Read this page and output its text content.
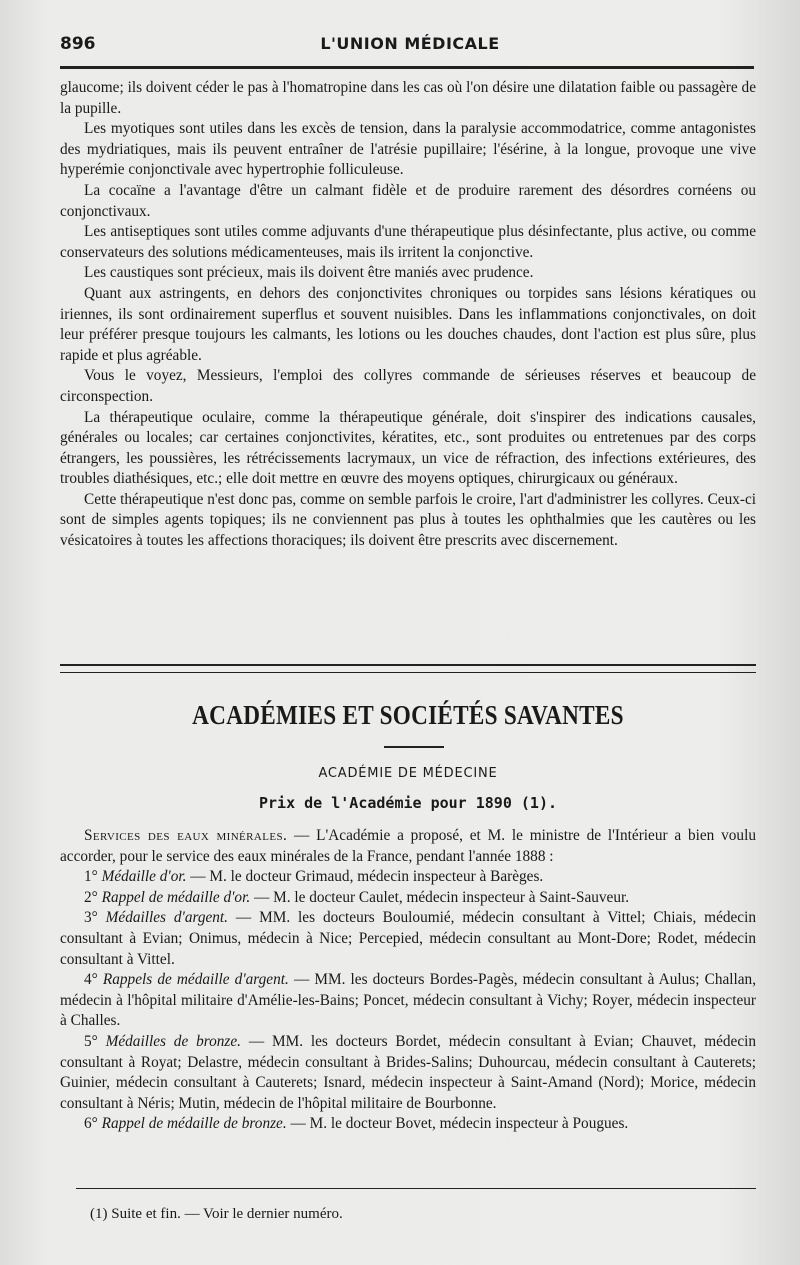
896	L'UNION MÉDICALE

glaucome; ils doivent céder le pas à l'homatropine dans les cas où l'on désire une dilatation faible ou passagère de la pupille.

Les myotiques sont utiles dans les excès de tension, dans la paralysie accommodatrice, comme antagonistes des mydriatiques, mais ils peuvent entraîner de l'atrésie pupillaire; l'ésérine, à la longue, provoque une vive hyperémie conjonctivale avec hypertrophie folliculeuse.

La cocaïne a l'avantage d'être un calmant fidèle et de produire rarement des désordres cornéens ou conjonctivaux.

Les antiseptiques sont utiles comme adjuvants d'une thérapeutique plus désinfectante, plus active, ou comme conservateurs des solutions médicamenteuses, mais ils irritent la conjonctive.

Les caustiques sont précieux, mais ils doivent être maniés avec prudence.

Quant aux astringents, en dehors des conjonctivites chroniques ou torpides sans lésions kératiques ou iriennes, ils sont ordinairement superflus et souvent nuisibles. Dans les inflammations conjonctivales, on doit leur préférer presque toujours les calmants, les lotions ou les douches chaudes, dont l'action est plus sûre, plus rapide et plus agréable.

Vous le voyez, Messieurs, l'emploi des collyres commande de sérieuses réserves et beaucoup de circonspection.

La thérapeutique oculaire, comme la thérapeutique générale, doit s'inspirer des indications causales, générales ou locales; car certaines conjonctivites, kératites, etc., sont produites ou entretenues par des corps étrangers, les poussières, les rétrécissements lacrymaux, un vice de réfraction, des infections extérieures, des troubles diathésiques, etc.; elle doit mettre en œuvre des moyens optiques, chirurgicaux ou généraux.

Cette thérapeutique n'est donc pas, comme on semble parfois le croire, l'art d'administrer les collyres. Ceux-ci sont de simples agents topiques; ils ne conviennent pas plus à toutes les ophthalmies que les cautères ou les vésicatoires à toutes les affections thoraciques; ils doivent être prescrits avec discernement.

ACADÉMIES ET SOCIÉTÉS SAVANTES
ACADÉMIE DE MÉDECINE
Prix de l'Académie pour 1890 (1).

Services des eaux minérales. — L'Académie a proposé, et M. le ministre de l'Intérieur a bien voulu accorder, pour le service des eaux minérales de la France, pendant l'année 1888 :

1° Médaille d'or. — M. le docteur Grimaud, médecin inspecteur à Barèges.

2° Rappel de médaille d'or. — M. le docteur Caulet, médecin inspecteur à Saint-Sauveur.

3° Médailles d'argent. — MM. les docteurs Bouloumié, médecin consultant à Vittel; Chiais, médecin consultant à Evian; Onimus, médecin à Nice; Percepied, médecin consultant au Mont-Dore; Rodet, médecin consultant à Vittel.

4° Rappels de médaille d'argent. — MM. les docteurs Bordes-Pagès, médecin consultant à Aulus; Challan, médecin à l'hôpital militaire d'Amélie-les-Bains; Poncet, médecin consultant à Vichy; Royer, médecin inspecteur à Challes.

5° Médailles de bronze. — MM. les docteurs Bordet, médecin consultant à Evian; Chauvet, médecin consultant à Royat; Delastre, médecin consultant à Brides-Salins; Duhourcau, médecin consultant à Cauterets; Guinier, médecin consultant à Cauterets; Isnard, médecin inspecteur à Saint-Amand (Nord); Morice, médecin consultant à Néris; Mutin, médecin de l'hôpital militaire de Bourbonne.

6° Rappel de médaille de bronze. — M. le docteur Bovet, médecin inspecteur à Pougues.

(1) Suite et fin. — Voir le dernier numéro.
